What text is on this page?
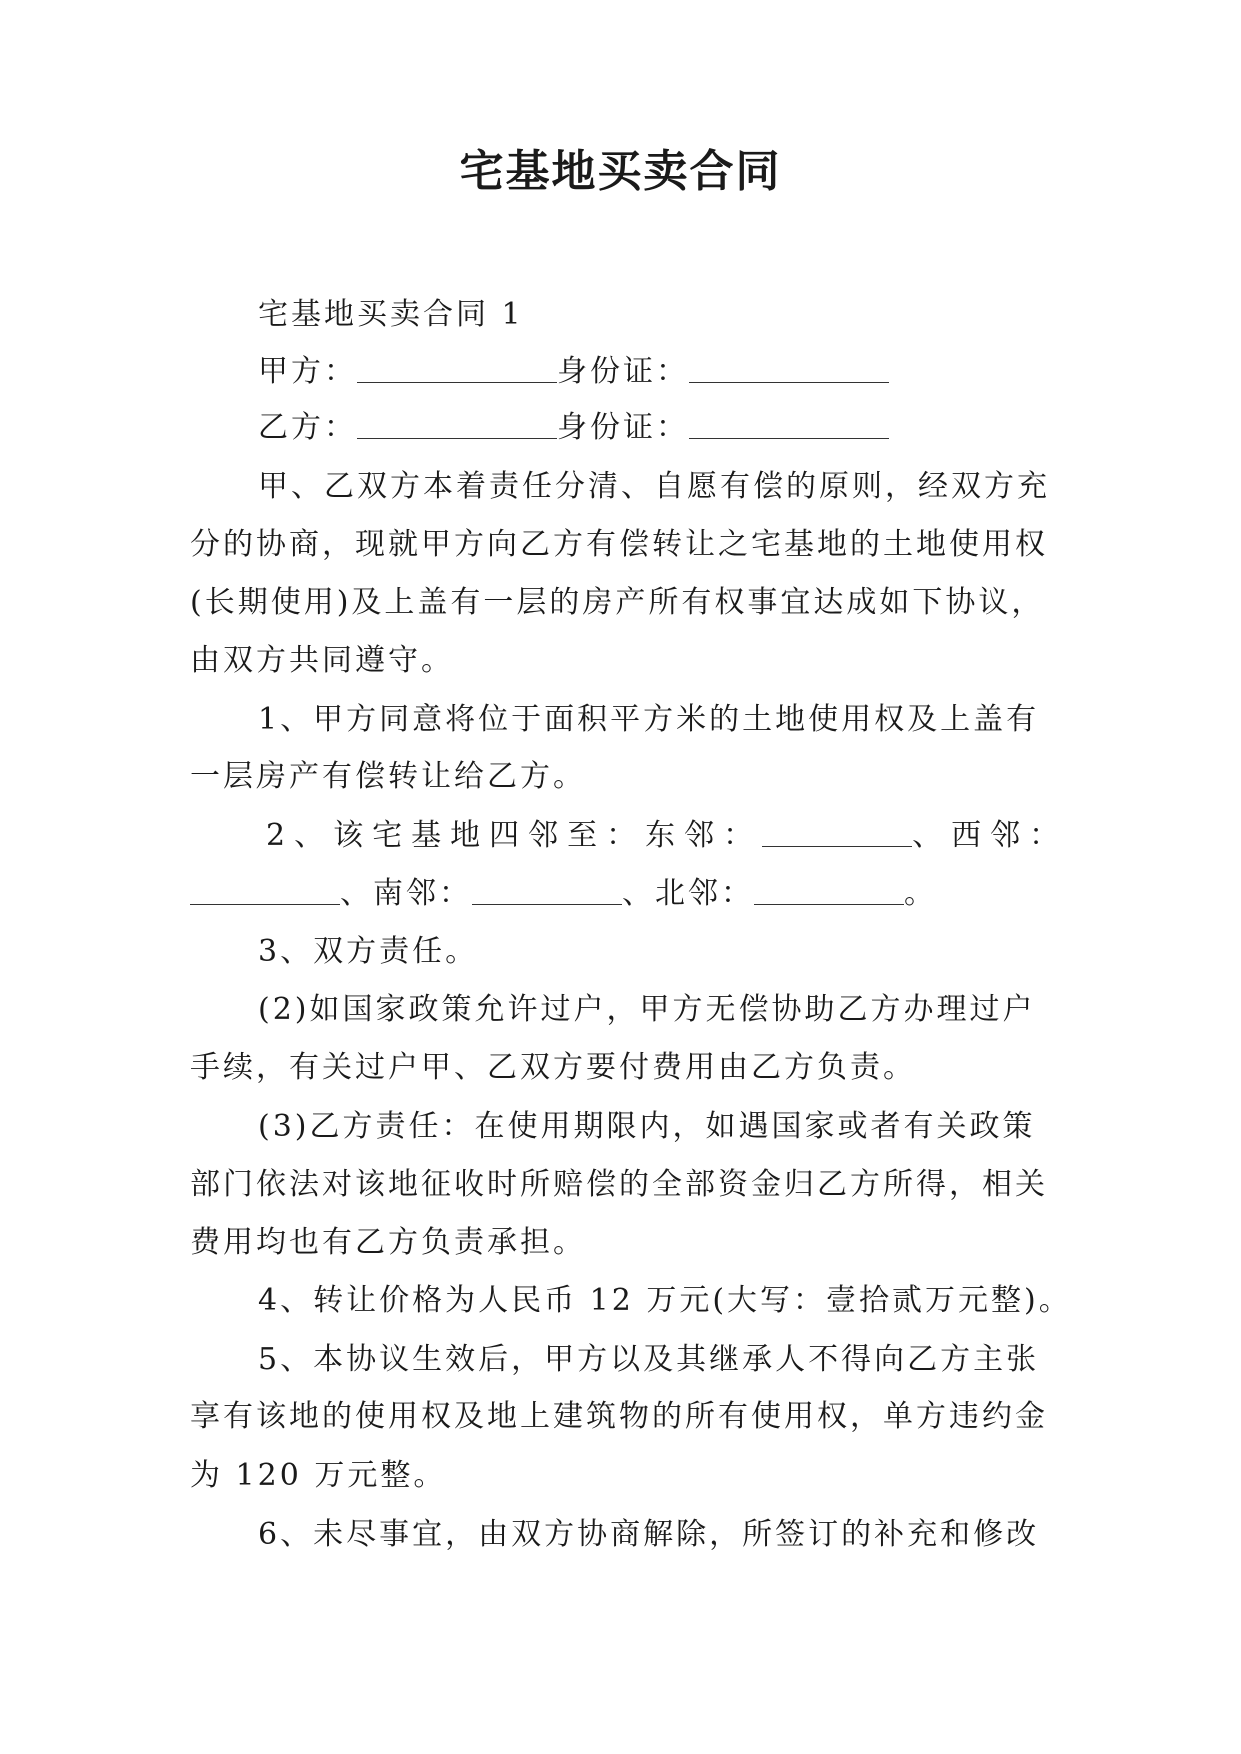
宅基地买卖合同
宅基地买卖合同 1
甲方：	身份证：
乙方：	身份证：
甲、乙双方本着责任分清、自愿有偿的原则，经双方充
分的协商，现就甲方向乙方有偿转让之宅基地的土地使用权
(长期使用)及上盖有一层的房产所有权事宜达成如下协议，
由双方共同遵守。
1、甲方同意将位于面积平方米的土地使用权及上盖有
一层房产有偿转让给乙方。
2、该宅基地四邻至：东邻：	、西邻：
、南邻：	、北邻：	。
3、双方责任。
(2)如国家政策允许过户，甲方无偿协助乙方办理过户
手续，有关过户甲、乙双方要付费用由乙方负责。
(3)乙方责任：在使用期限内，如遇国家或者有关政策
部门依法对该地征收时所赔偿的全部资金归乙方所得，相关
费用均也有乙方负责承担。
4、转让价格为人民币 12 万元(大写：壹拾贰万元整)。
5、本协议生效后，甲方以及其继承人不得向乙方主张
享有该地的使用权及地上建筑物的所有使用权，单方违约金
为 120 万元整。
6、未尽事宜，由双方协商解除，所签订的补充和修改
